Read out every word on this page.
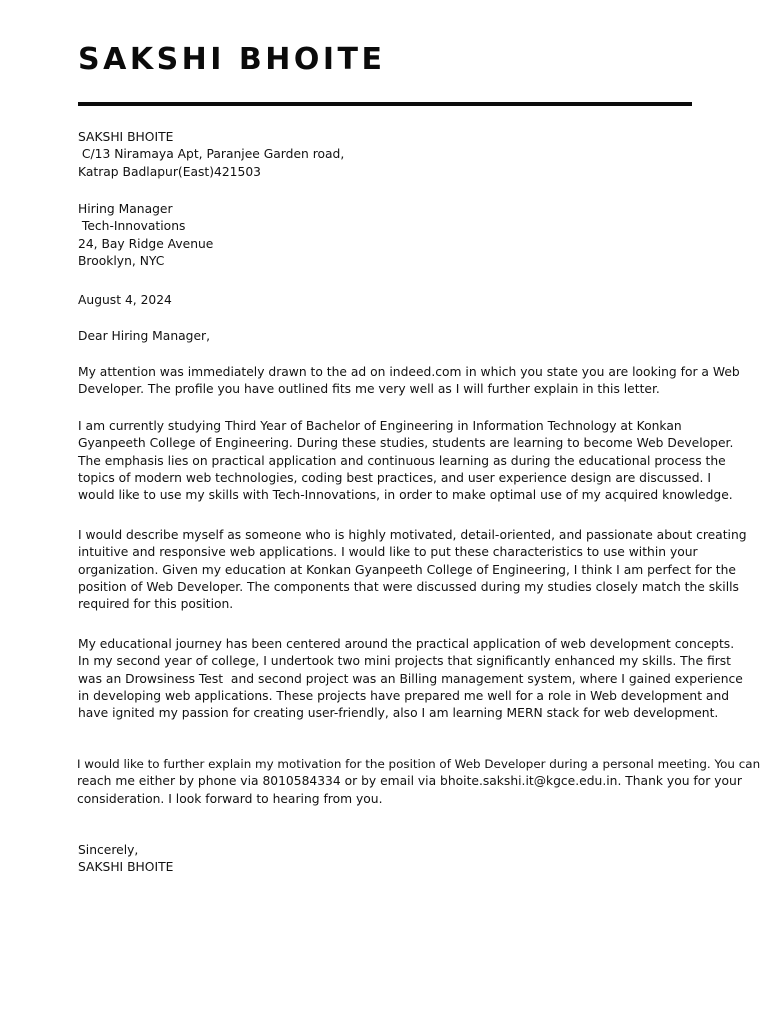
SAKSHI BHOITE
SAKSHI BHOITE
C/13 Niramaya Apt, Paranjee Garden road,
Katrap Badlapur(East)421503
Hiring Manager
Tech-Innovations
24, Bay Ridge Avenue
Brooklyn, NYC
August 4, 2024
Dear Hiring Manager,
My attention was immediately drawn to the ad on indeed.com in which you state you are looking for a Web
Developer. The profile you have outlined fits me very well as I will further explain in this letter.
I am currently studying Third Year of Bachelor of Engineering in Information Technology at Konkan
Gyanpeeth College of Engineering. During these studies, students are learning to become Web Developer.
The emphasis lies on practical application and continuous learning as during the educational process the
topics of modern web technologies, coding best practices, and user experience design are discussed. I
would like to use my skills with Tech-Innovations, in order to make optimal use of my acquired knowledge.
I would describe myself as someone who is highly motivated, detail-oriented, and passionate about creating
intuitive and responsive web applications. I would like to put these characteristics to use within your
organization. Given my education at Konkan Gyanpeeth College of Engineering, I think I am perfect for the
position of Web Developer. The components that were discussed during my studies closely match the skills
required for this position.
My educational journey has been centered around the practical application of web development concepts.
In my second year of college, I undertook two mini projects that significantly enhanced my skills. The first
was an Drowsiness Test  and second project was an Billing management system, where I gained experience
in developing web applications. These projects have prepared me well for a role in Web development and
have ignited my passion for creating user-friendly, also I am learning MERN stack for web development.
I would like to further explain my motivation for the position of Web Developer during a personal meeting. You can
reach me either by phone via 8010584334 or by email via bhoite.sakshi.it@kgce.edu.in. Thank you for your
consideration. I look forward to hearing from you.
Sincerely,
SAKSHI BHOITE
